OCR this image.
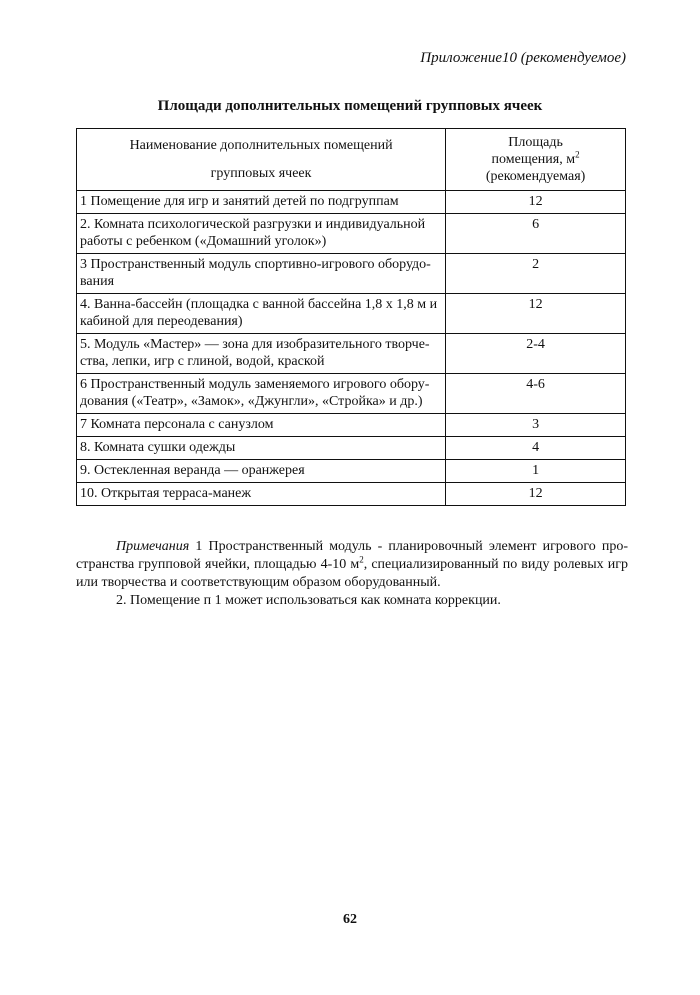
Приложение10 (рекомендуемое)
Площади дополнительных помещений групповых ячеек
Наименование дополнительных помещений
групповых ячеек	Площадь
помещения, $м^2$
(рекомендуемая)
1 Помещение для игр и занятий детей по подгруппам	12
2. Комната психологической разгрузки и индивидуальной работы с ребенком («Домашний уголок»)	6
3 Пространственный модуль спортивно-игрового оборудо-вания	2
4. Ванна-бассейн (площадка с ванной бассейна 1,8 х 1,8 м и кабиной для переодевания)	12
5. Модуль «Мастер» — зона для изобразительного творче-ства, лепки, игр с глиной, водой, краской	2-4
6 Пространственный модуль заменяемого игрового обору-дования («Театр», «Замок», «Джунгли», «Стройка» и др.)	4-6
7 Комната персонала с санузлом	3
8. Комната сушки одежды	4
9. Остекленная веранда — оранжерея	1
10. Открытая терраса-манеж	12

Примечания 1 Пространственный модуль - планировочный элемент игрового про-странства групповой ячейки, площадью 4-10 $м^2$, специализированный по виду ролевых игр или творчества и соответствующим образом оборудованный.

2. Помещение п 1 может использоваться как комната коррекции.

62
